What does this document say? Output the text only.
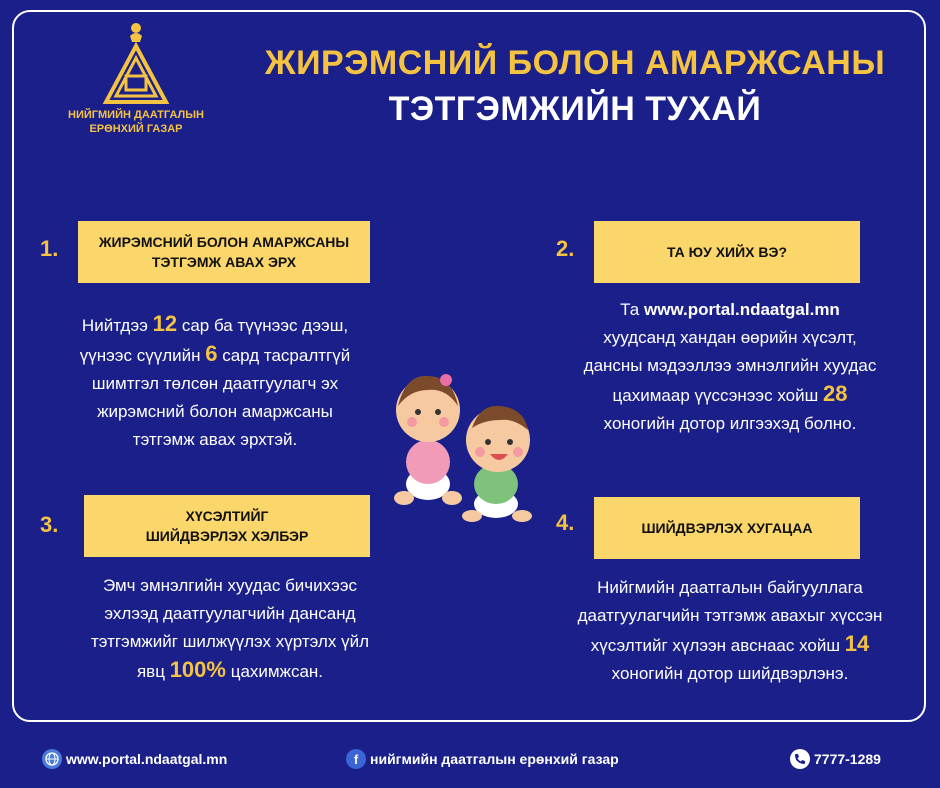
НИЙГМИЙН ДААТГАЛЫН
ЕРӨНХИЙ ГАЗАР
ЖИРЭМСНИЙ БОЛОН АМАРЖСАНЫ
ТЭТГЭМЖИЙН ТУХАЙ
1.	ЖИРЭМСНИЙ БОЛОН АМАРЖСАНЫ
ТЭТГЭМЖ АВАХ ЭРХ
Нийтдээ 12 сар ба түүнээс дээш,
үүнээс сүүлийн 6 сард тасралтгүй
шимтгэл төлсөн даатгуулагч эх
жирэмсний болон амаржсаны
тэтгэмж авах эрхтэй.
2.	ТА ЮУ ХИЙХ ВЭ?
Та www.portal.ndaatgal.mn
хуудсанд хандан өөрийн хүсэлт,
дансны мэдээллээ эмнэлгийн хуудас
цахимаар үүссэнээс хойш 28
хоногийн дотор илгээхэд болно.
3.	ХҮСЭЛТИЙГ
ШИЙДВЭРЛЭХ ХЭЛБЭР
Эмч эмнэлгийн хуудас бичихээс
эхлээд даатгуулагчийн дансанд
тэтгэмжийг шилжүүлэх хүртэлх үйл
явц 100% цахимжсан.
4.	ШИЙДВЭРЛЭХ ХУГАЦАА
Нийгмийн даатгалын байгууллага
даатгуулагчийн тэтгэмж авахыг хүссэн
хүсэлтийг хүлээн авснаас хойш 14
хоногийн дотор шийдвэрлэнэ.
www.portal.ndaatgal.mn	f нийгмийн даатгалын ерөнхий газар	7777-1289
